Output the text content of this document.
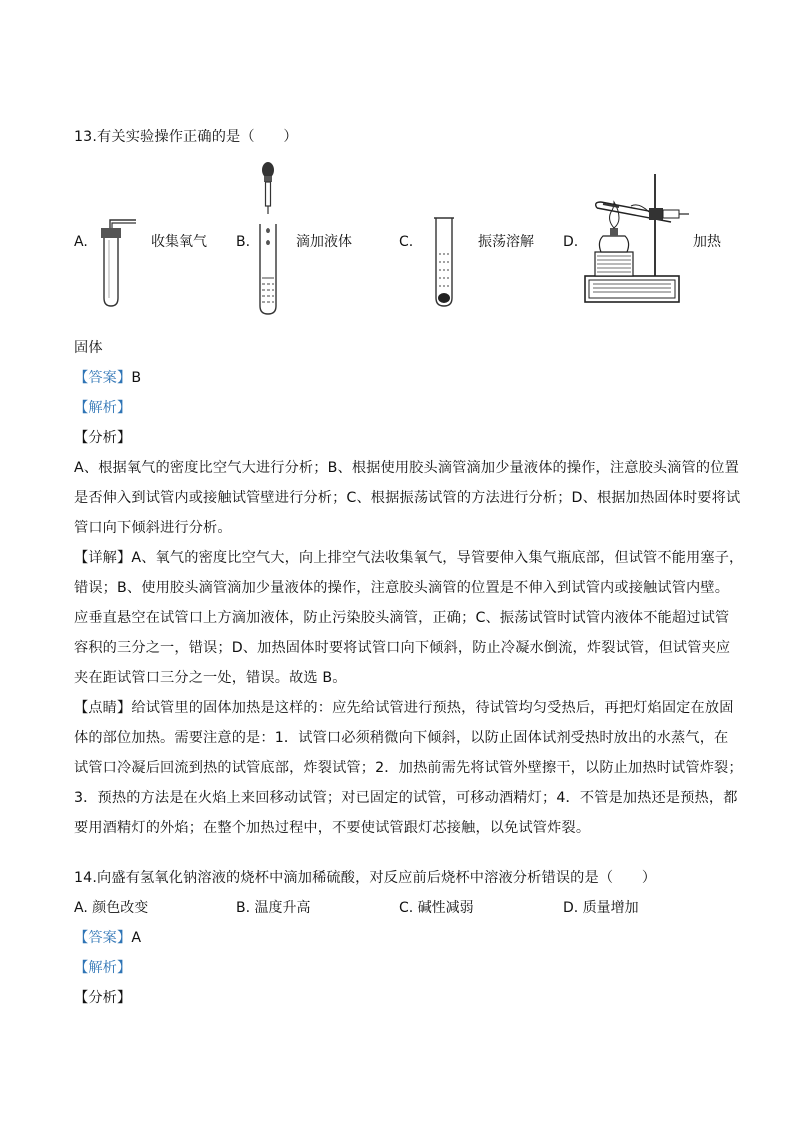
13.有关实验操作正确的是（　　）
A.	收集氧气 B.	滴加液体	C.	振荡溶解 D.	加热
固体
【答案】B
【解析】
【分析】
A、根据氧气的密度比空气大进行分析；B、根据使用胶头滴管滴加少量液体的操作，注意胶头滴管的位置
是否伸入到试管内或接触试管壁进行分析；C、根据振荡试管的方法进行分析；D、根据加热固体时要将试
管口向下倾斜进行分析。
【详解】A、氧气的密度比空气大，向上排空气法收集氧气，导管要伸入集气瓶底部，但试管不能用塞子，
错误；B、使用胶头滴管滴加少量液体的操作，注意胶头滴管的位置是不伸入到试管内或接触试管内壁。
应垂直悬空在试管口上方滴加液体，防止污染胶头滴管，正确；C、振荡试管时试管内液体不能超过试管
容积的三分之一，错误；D、加热固体时要将试管口向下倾斜，防止冷凝水倒流，炸裂试管，但试管夹应
夹在距试管口三分之一处，错误。故选 B。
【点睛】给试管里的固体加热是这样的：应先给试管进行预热，待试管均匀受热后，再把灯焰固定在放固
体的部位加热。需要注意的是：1．试管口必须稍微向下倾斜，以防止固体试剂受热时放出的水蒸气，在
试管口冷凝后回流到热的试管底部，炸裂试管；2．加热前需先将试管外壁擦干，以防止加热时试管炸裂；
3．预热的方法是在火焰上来回移动试管；对已固定的试管，可移动酒精灯；4．不管是加热还是预热，都
要用酒精灯的外焰；在整个加热过程中，不要使试管跟灯芯接触，以免试管炸裂。
14.向盛有氢氧化钠溶液的烧杯中滴加稀硫酸，对反应前后烧杯中溶液分析错误的是（　　）
A. 颜色改变	B. 温度升高	C. 碱性减弱	D. 质量增加
【答案】A
【解析】
【分析】
